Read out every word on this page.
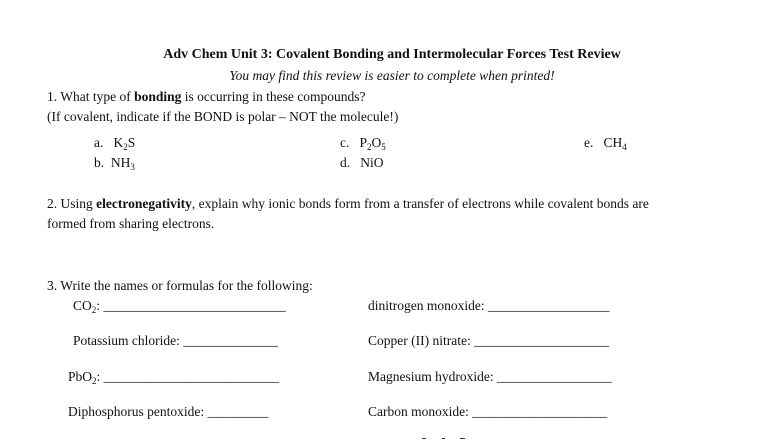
Adv Chem Unit 3: Covalent Bonding and Intermolecular Forces Test Review
You may find this review is easier to complete when printed!
1. What type of bonding is occurring in these compounds?
(If covalent, indicate if the BOND is polar – NOT the molecule!)
a. $K_2S$
b. $NH_3$
c. $P_2O_5$
d. NiO
e. $CH_4$
2. Using electronegativity, explain why ionic bonds form from a transfer of electrons while covalent bonds are
formed from sharing electrons.
3. Write the names or formulas for the following:
$CO_2$: ___________________________
Potassium chloride: ______________
PbO$_2$: __________________________
Diphosphorus pentoxide: _________
dinitrogen monoxide: __________________
Copper (II) nitrate: ____________________
Magnesium hydroxide: _________________
Carbon monoxide: ____________________
